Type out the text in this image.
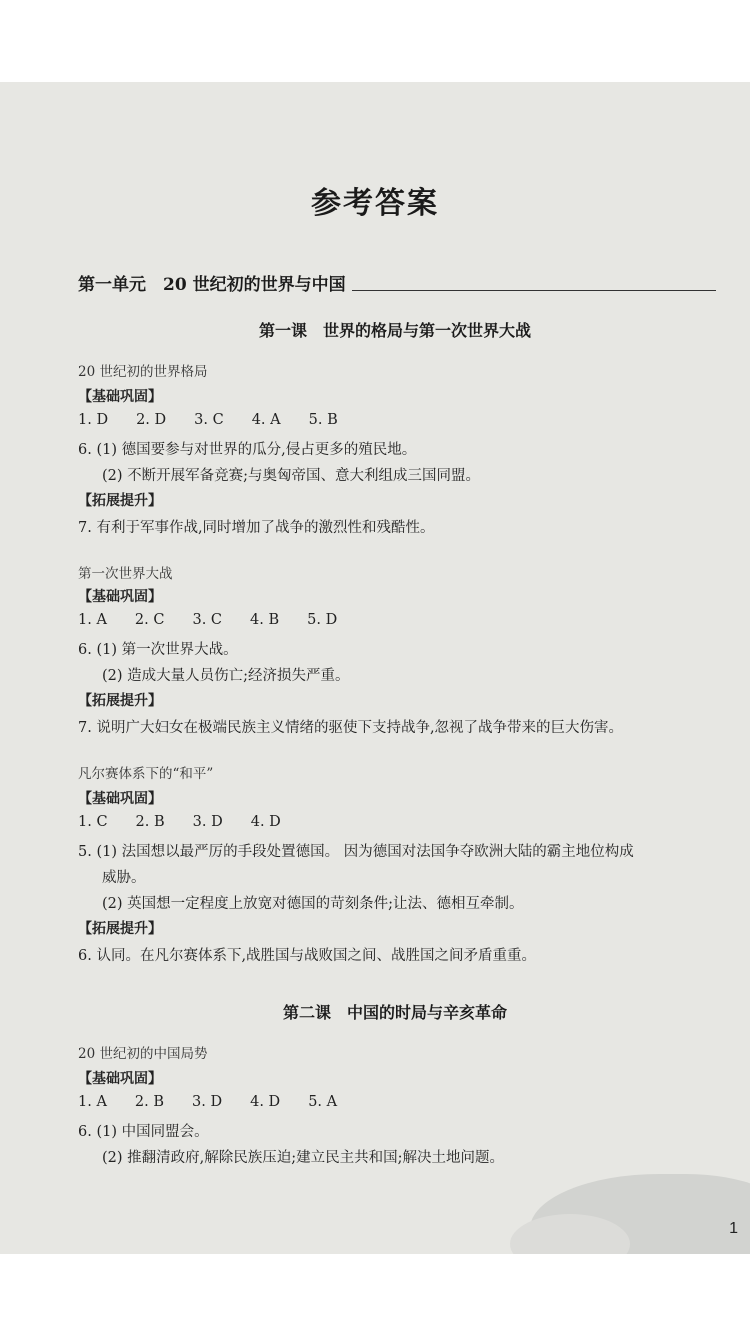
参考答案
第一单元　20 世纪初的世界与中国
第一课　世界的格局与第一次世界大战
20 世纪初的世界格局
【基础巩固】
1. D 2. D 3. C 4. A 5. B
6. (1) 德国要参与对世界的瓜分,侵占更多的殖民地。
(2) 不断开展军备竞赛;与奥匈帝国、意大利组成三国同盟。
【拓展提升】
7. 有利于军事作战,同时增加了战争的激烈性和残酷性。
第一次世界大战
【基础巩固】
1. A 2. C 3. C 4. B 5. D
6. (1) 第一次世界大战。
(2) 造成大量人员伤亡;经济损失严重。
【拓展提升】
7. 说明广大妇女在极端民族主义情绪的驱使下支持战争,忽视了战争带来的巨大伤害。
凡尔赛体系下的“和平”
【基础巩固】
1. C 2. B 3. D 4. D
5. (1) 法国想以最严厉的手段处置德国。 因为德国对法国争夺欧洲大陆的霸主地位构成
威胁。
(2) 英国想一定程度上放宽对德国的苛刻条件;让法、德相互牵制。
【拓展提升】
6. 认同。在凡尔赛体系下,战胜国与战败国之间、战胜国之间矛盾重重。
第二课　中国的时局与辛亥革命
20 世纪初的中国局势
【基础巩固】
1. A 2. B 3. D 4. D 5. A
6. (1) 中国同盟会。
(2) 推翻清政府,解除民族压迫;建立民主共和国;解决土地问题。
1
